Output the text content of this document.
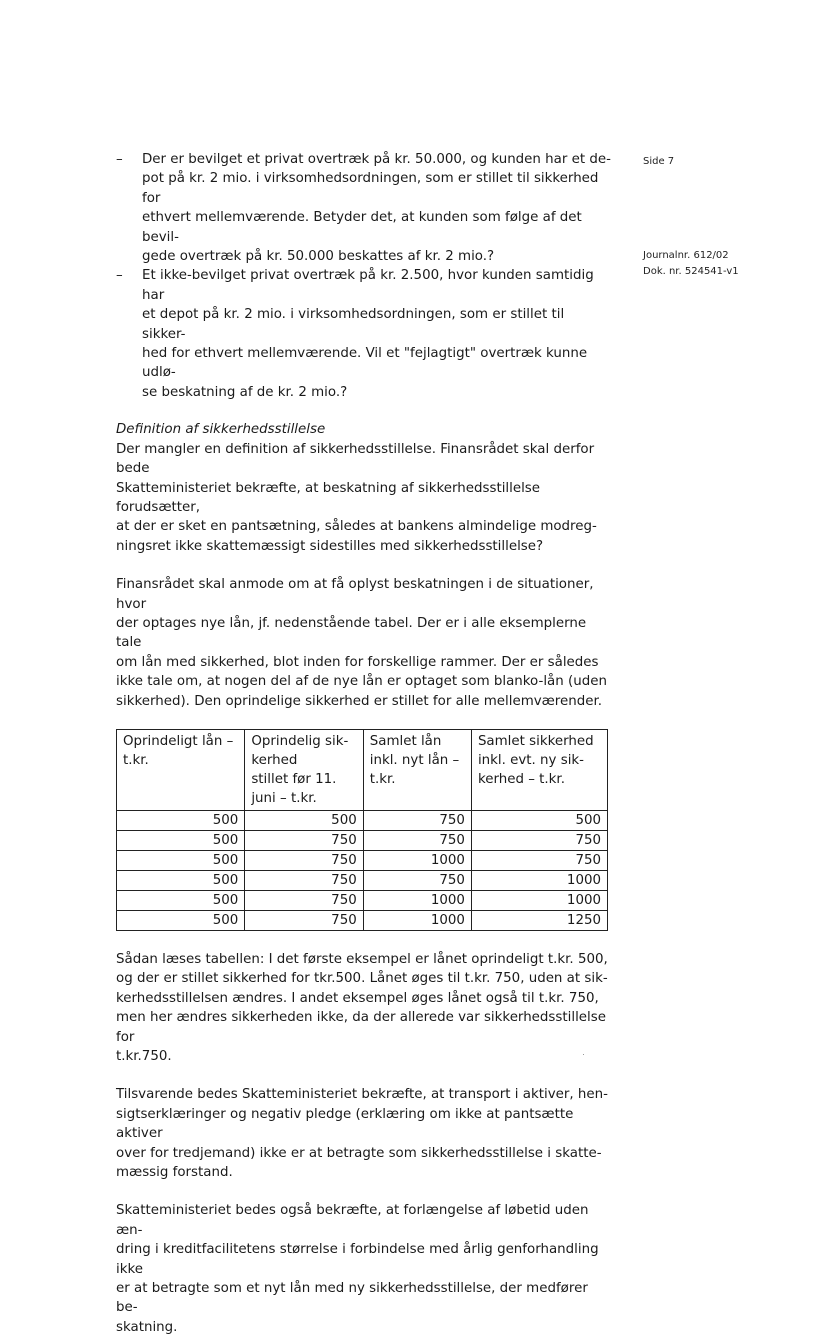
Side 7
Journalnr. 612/02
Dok. nr. 524541-v1
–	Der er bevilget et privat overtræk på kr. 50.000, og kunden har et de-
pot på kr. 2 mio. i virksomhedsordningen, som er stillet til sikkerhed for
ethvert mellemværende. Betyder det, at kunden som følge af det bevil-
gede overtræk på kr. 50.000 beskattes af kr. 2 mio.?
–	Et ikke-bevilget privat overtræk på kr. 2.500, hvor kunden samtidig har
et depot på kr. 2 mio. i virksomhedsordningen, som er stillet til sikker-
hed for ethvert mellemværende. Vil et "fejlagtigt" overtræk kunne udlø-
se beskatning af de kr. 2 mio.?
Definition af sikkerhedsstillelse

Der mangler en definition af sikkerhedsstillelse. Finansrådet skal derfor bede
Skatteministeriet bekræfte, at beskatning af sikkerhedsstillelse forudsætter,
at der er sket en pantsætning, således at bankens almindelige modreg-
ningsret ikke skattemæssigt sidestilles med sikkerhedsstillelse?

Finansrådet skal anmode om at få oplyst beskatningen i de situationer, hvor
der optages nye lån, jf. nedenstående tabel. Der er i alle eksemplerne tale
om lån med sikkerhed, blot inden for forskellige rammer. Der er således
ikke tale om, at nogen del af de nye lån er optaget som blanko-lån (uden
sikkerhed). Den oprindelige sikkerhed er stillet for alle mellemværender.

Oprindeligt lån –
t.kr.	Oprindelig sik-
kerhed
stillet før 11.
juni – t.kr.	Samlet lån
inkl. nyt lån –
t.kr.	Samlet sikkerhed
inkl. evt. ny sik-
kerhed – t.kr.
500	500	750	500
500	750	750	750
500	750	1000	750
500	750	750	1000
500	750	1000	1000
500	750	1000	1250

Sådan læses tabellen: I det første eksempel er lånet oprindeligt t.kr. 500,
og der er stillet sikkerhed for tkr.500. Lånet øges til t.kr. 750, uden at sik-
kerhedsstillelsen ændres. I andet eksempel øges lånet også til t.kr. 750,
men her ændres sikkerheden ikke, da der allerede var sikkerhedsstillelse for
t.kr.750.

Tilsvarende bedes Skatteministeriet bekræfte, at transport i aktiver, hen-
sigtserklæringer og negativ pledge (erklæring om ikke at pantsætte aktiver
over for tredjemand) ikke er at betragte som sikkerhedsstillelse i skatte-
mæssig forstand.

Skatteministeriet bedes også bekræfte, at forlængelse af løbetid uden æn-
dring i kreditfacilitetens størrelse i forbindelse med årlig genforhandling ikke
er at betragte som et nyt lån med ny sikkerhedsstillelse, der medfører be-
skatning.
